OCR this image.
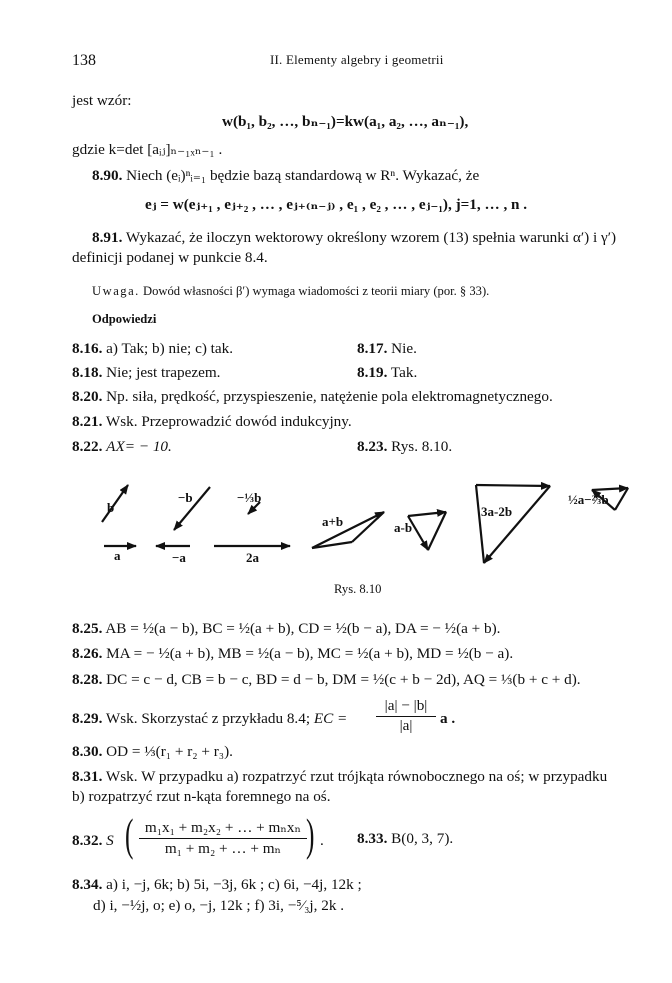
138	II. Elementy algebry i geometrii
jest wzór:
w(b₁, b₂, …, bₙ₋₁)=kw(a₁, a₂, …, aₙ₋₁),
gdzie k=det [aᵢⱼ]ₙ₋₁ₓₙ₋₁ .
8.90. Niech (eᵢ)ⁿᵢ₌₁ będzie bazą standardową w Rⁿ. Wykazać, że
eⱼ = w(eⱼ₊₁ , eⱼ₊₂ , … , eⱼ₊₍ₙ₋ⱼ₎ , e₁ , e₂ , … , eⱼ₋₁), j=1, … , n .
8.91. Wykazać, że iloczyn wektorowy określony wzorem (13) spełnia warunki α′) i γ′)
definicji podanej w punkcie 8.4.
Uwaga. Dowód własności β′) wymaga wiadomości z teorii miary (por. § 33).
Odpowiedzi
8.16. a) Tak; b) nie; c) tak.	8.17. Nie.
8.18. Nie; jest trapezem.	8.19. Tak.
8.20. Np. siła, prędkość, przyspieszenie, natężenie pola elektromagnetycznego.
8.21. Wsk. Przeprowadzić dowód indukcyjny.
8.22. AX= − 10.	8.23. Rys. 8.10.
b
−b	−⅓b
a	−a	2a
a+b	a-b
3a-2b
½a−⅔b
Rys. 8.10
8.25. AB = ½(a − b), BC = ½(a + b), CD = ½(b − a), DA = − ½(a + b).
8.26. MA = − ½(a + b), MB = ½(a − b), MC = ½(a + b), MD = ½(b − a).
8.28. DC = c − d, CB = b − c, BD = d − b, DM = ½(c + b − 2d), AQ = ⅓(b + c + d).
8.29. Wsk. Skorzystać z przykładu 8.4; EC = $\frac{|a| - |b|}{|a|}$ a .
8.30. OD = ⅓(r₁ + r₂ + r₃).
8.31. Wsk. W przypadku a) rozpatrzyć rzut trójkąta równobocznego na oś; w przypadku
b) rozpatrzyć rzut n-kąta foremnego na oś.
8.32. S ( m₁x₁ + m₂x₂ + … + mₙxₙ
m₁ + m₂ + … + mₙ ) . 8.33. B(0, 3, 7).
8.34. a) i, −j, 6k; b) 5i, −3j, 6k ; c) 6i, −4j, 12k ;
d) i, −½j, o; e) o, −j, 12k ; f) 3i, −⁵⁄₃j, 2k .
